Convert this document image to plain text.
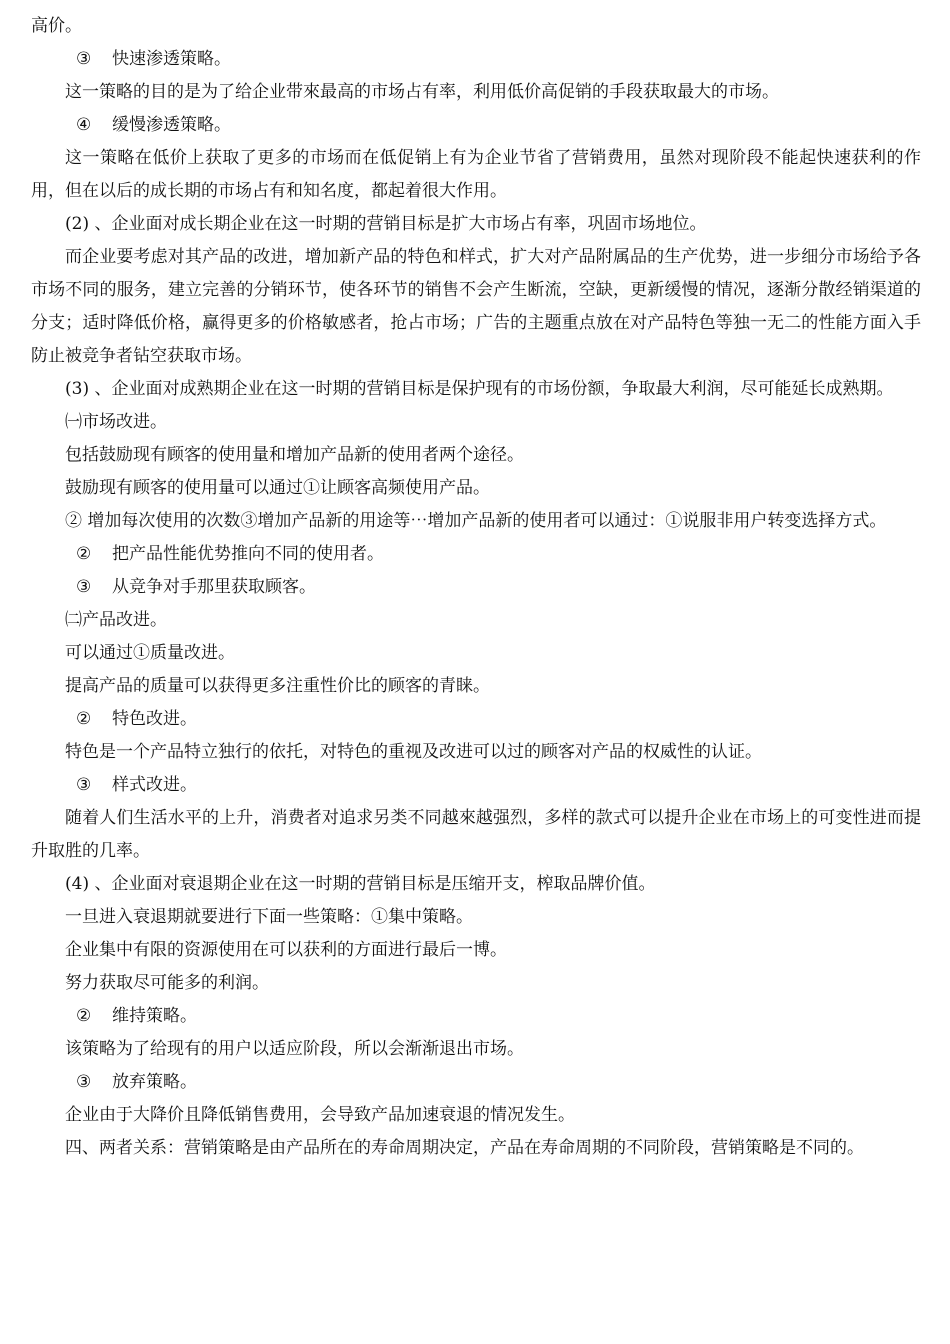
高价。

③ 快速渗透策略。

这一策略的目的是为了给企业带來最高的市场占有率，利用低价高促销的手段获取最大的市场。

④ 缓慢渗透策略。

这一策略在低价上获取了更多的市场而在低促销上有为企业节省了营销费用，虽然对现阶段不能起快速获利的作用，但在以后的成长期的市场占有和知名度，都起着很大作用。

(2) 、企业面对成长期企业在这一时期的营销目标是扩大市场占有率，巩固市场地位。

而企业要考虑对其产品的改进，增加新产品的特色和样式，扩大对产品附属品的生产优势，进一步细分市场给予各市场不同的服务，建立完善的分销环节，使各环节的销售不会产生断流，空缺，更新缓慢的情况，逐渐分散经销渠道的分支；适时降低价格，赢得更多的价格敏感者，抢占市场；广告的主题重点放在对产品特色等独一无二的性能方面入手防止被竞争者钻空获取市场。

(3) 、企业面对成熟期企业在这一时期的营销目标是保护现有的市场份额，争取最大利润，尽可能延长成熟期。

㈠市场改进。

包括鼓励现有顾客的使用量和增加产品新的使用者两个途径。

鼓励现有顾客的使用量可以通过①让顾客高频使用产品。

② 增加每次使用的次数③增加产品新的用途等⋯增加产品新的使用者可以通过：①说服非用户转变选择方式。

② 把产品性能优势推向不同的使用者。

③ 从竞争对手那里获取顾客。

㈡产品改进。

可以通过①质量改进。

提高产品的质量可以获得更多注重性价比的顾客的青睐。

② 特色改进。

特色是一个产品特立独行的依托，对特色的重视及改进可以过的顾客对产品的权威性的认证。

③ 样式改进。

随着人们生活水平的上升，消费者对追求另类不同越來越强烈，多样的款式可以提升企业在市场上的可变性进而提升取胜的几率。

(4) 、企业面对衰退期企业在这一时期的营销目标是压缩开支，榨取品牌价值。

一旦进入衰退期就要进行下面一些策略：①集中策略。

企业集中有限的资源使用在可以获利的方面进行最后一博。

努力获取尽可能多的利润。

② 维持策略。

该策略为了给现有的用户以适应阶段，所以会渐渐退出市场。

③ 放弃策略。

企业由于大降价且降低销售费用，会导致产品加速衰退的情况发生。

四、两者关系：营销策略是由产品所在的寿命周期决定，产品在寿命周期的不同阶段，营销策略是不同的。
